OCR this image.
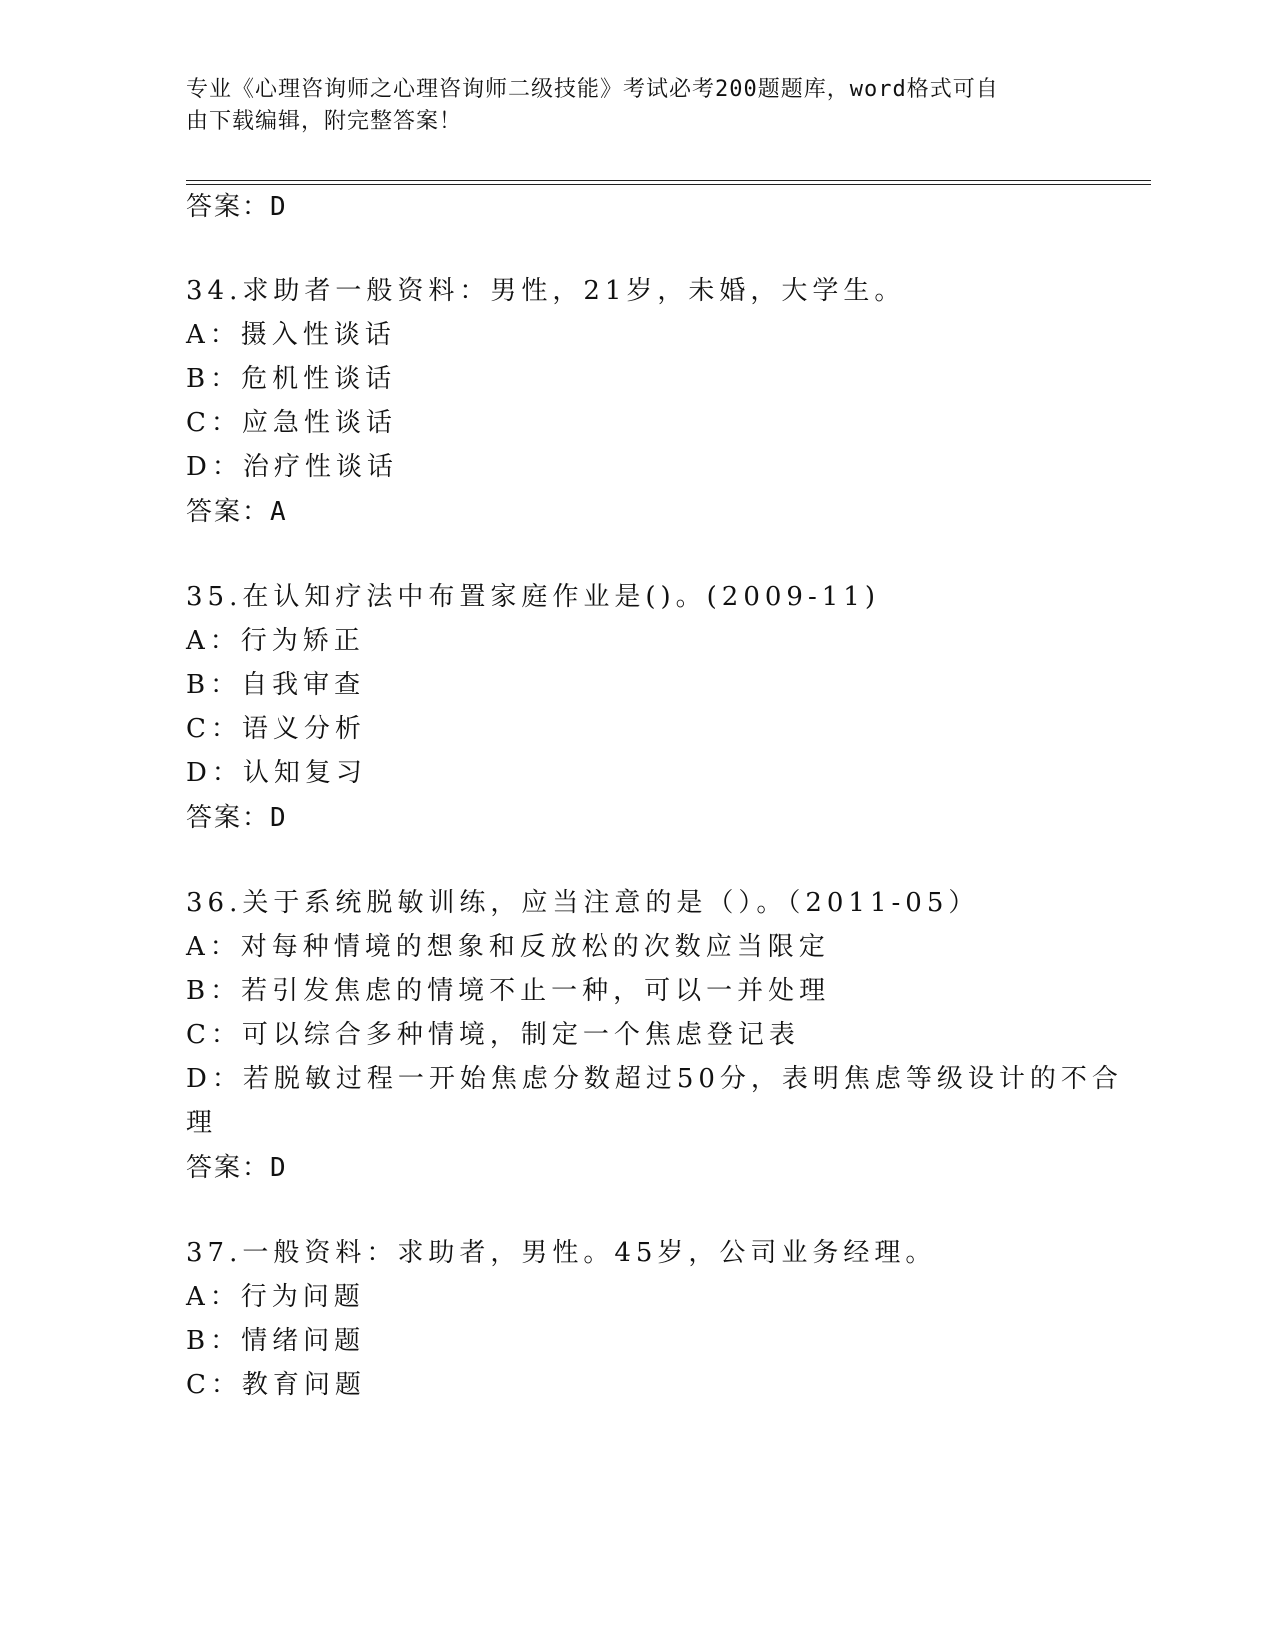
专业《心理咨询师之心理咨询师二级技能》考试必考200题题库，word格式可自
由下载编辑，附完整答案！
答案：D
34.求助者一般资料：男性，21岁，未婚，大学生。
A：摄入性谈话
B：危机性谈话
C：应急性谈话
D：治疗性谈话
答案：A
35.在认知疗法中布置家庭作业是()。(2009-11)
A：行为矫正
B：自我审查
C：语义分析
D：认知复习
答案：D
36.关于系统脱敏训练，应当注意的是（）。（2011-05）
A：对每种情境的想象和反放松的次数应当限定
B：若引发焦虑的情境不止一种，可以一并处理
C：可以综合多种情境，制定一个焦虑登记表
D：若脱敏过程一开始焦虑分数超过50分，表明焦虑等级设计的不合
理
答案：D
37.一般资料：求助者，男性。45岁，公司业务经理。
A：行为问题
B：情绪问题
C：教育问题
